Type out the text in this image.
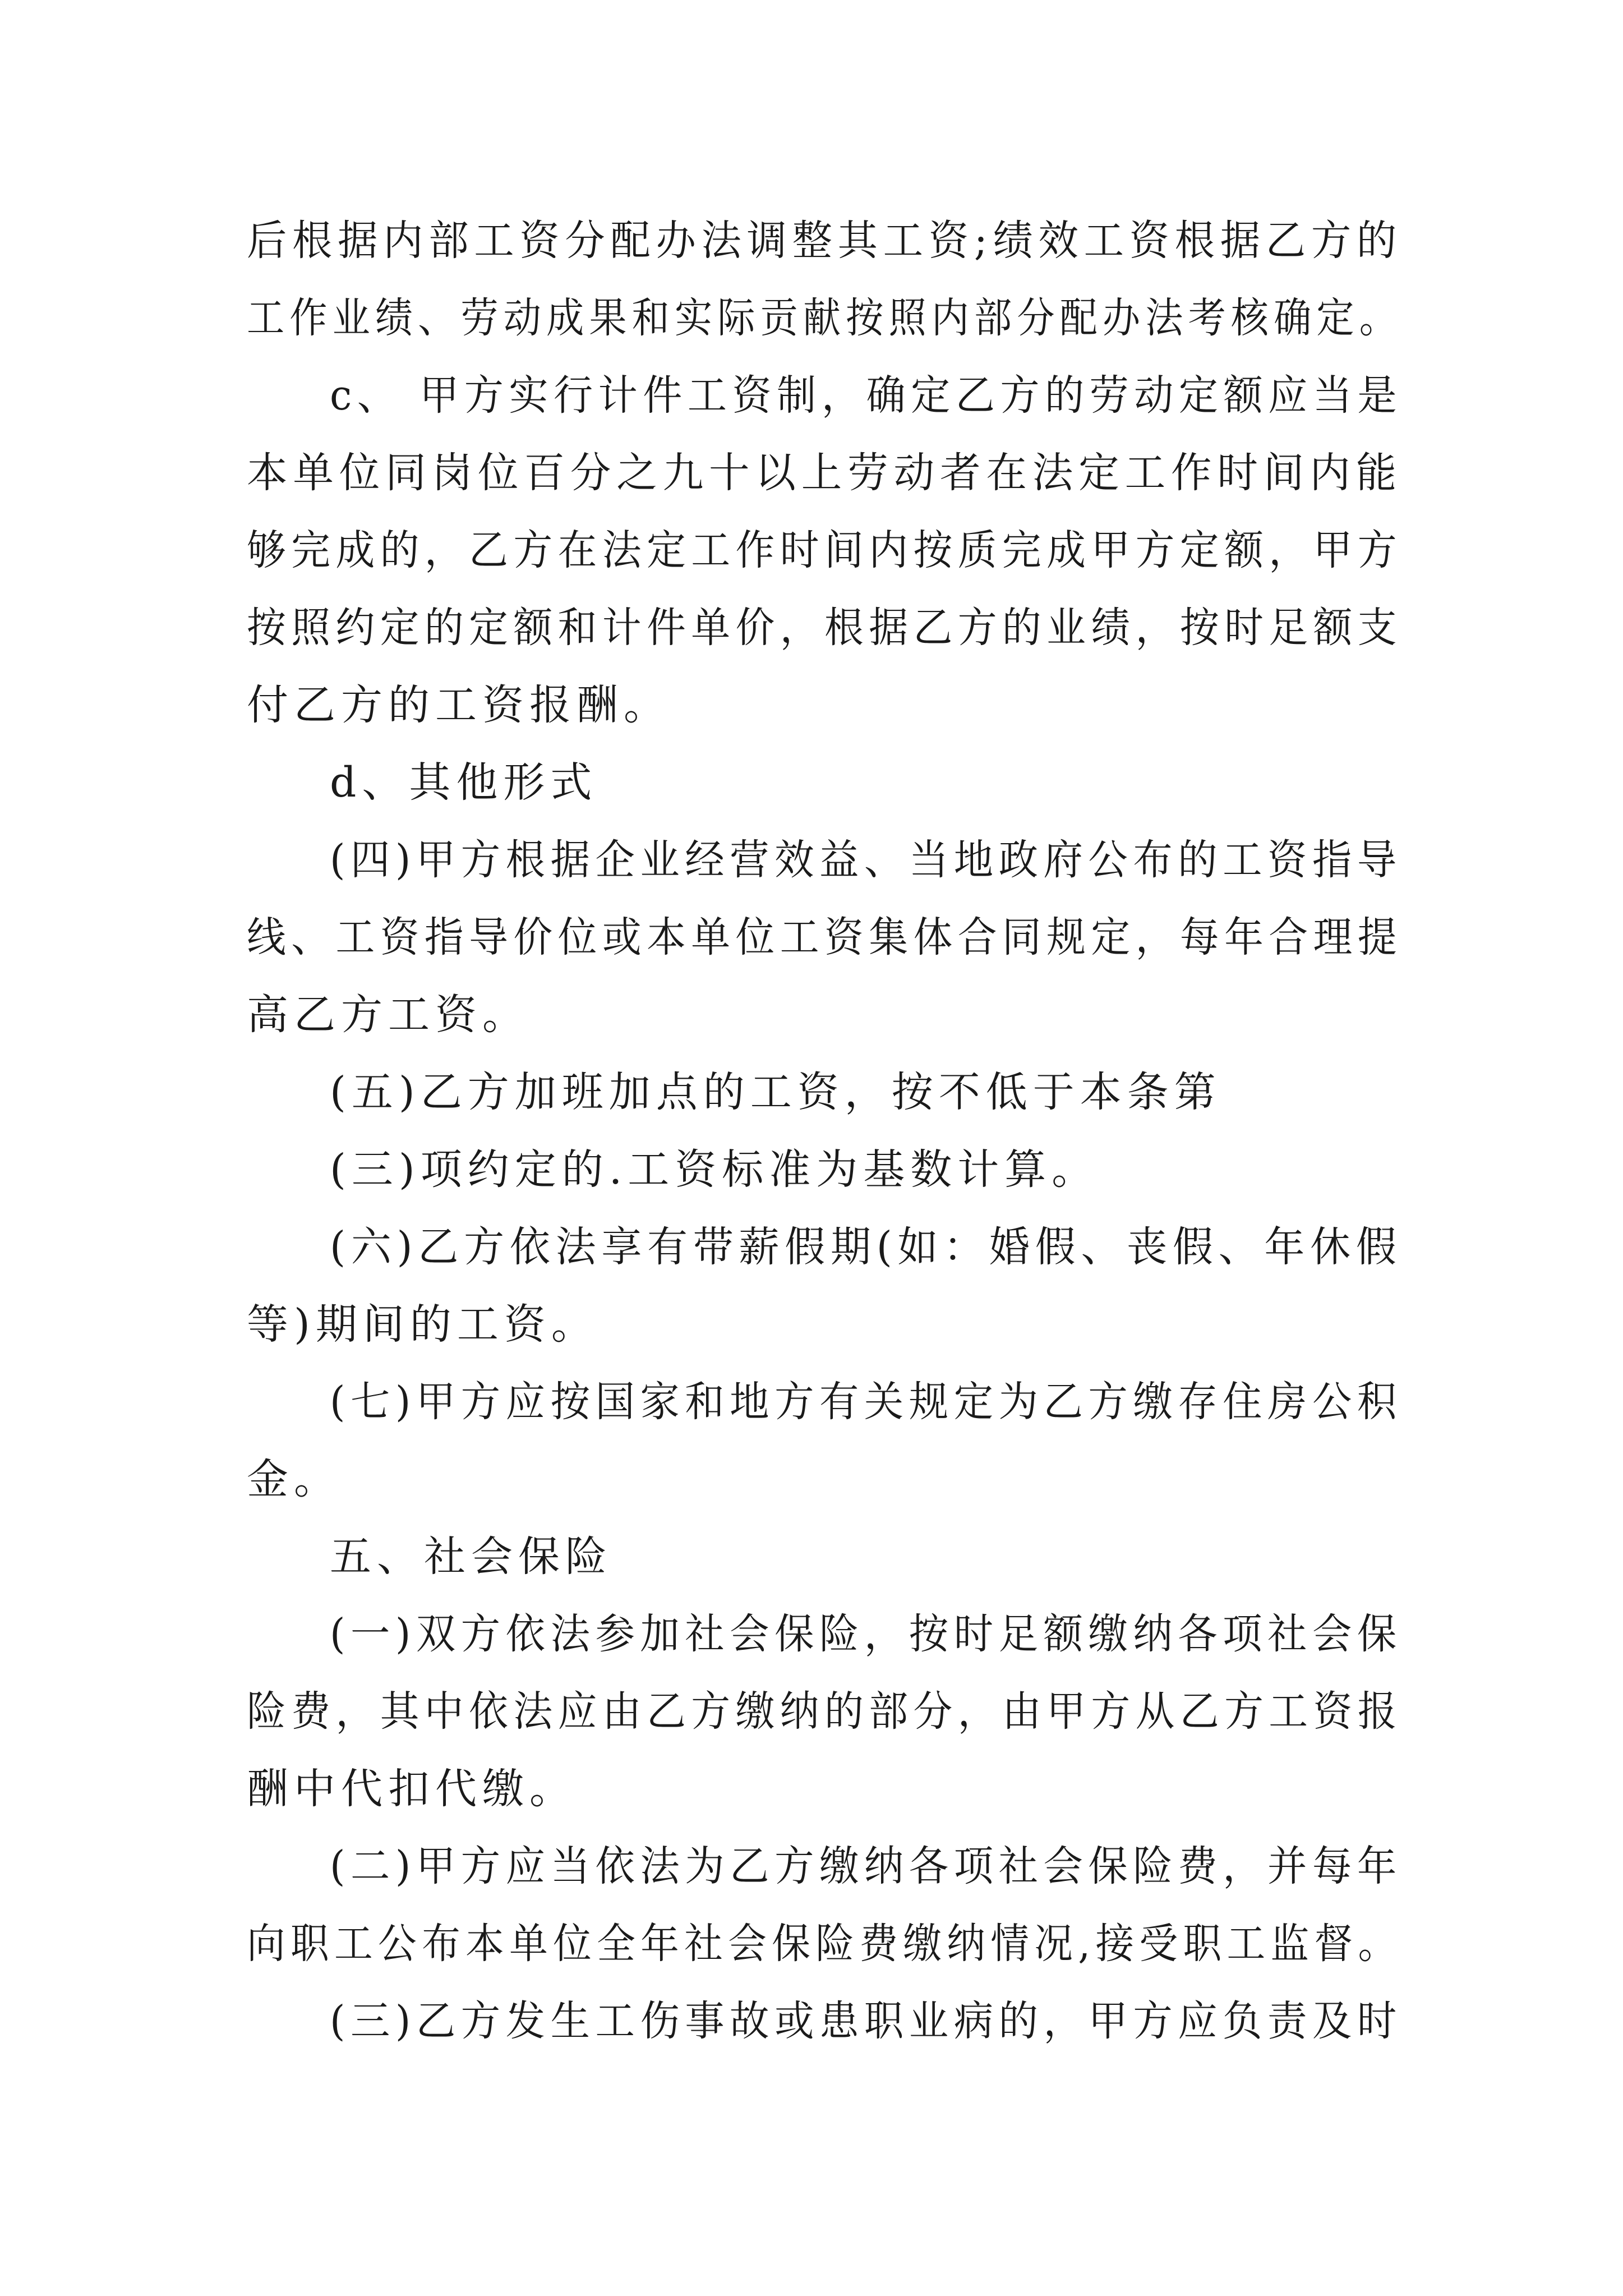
后根据内部工资分配办法调整其工资;绩效工资根据乙方的
工作业绩、劳动成果和实际贡献按照内部分配办法考核确定。
c、 甲方实行计件工资制，确定乙方的劳动定额应当是
本单位同岗位百分之九十以上劳动者在法定工作时间内能
够完成的，乙方在法定工作时间内按质完成甲方定额，甲方
按照约定的定额和计件单价，根据乙方的业绩，按时足额支
付乙方的工资报酬。
d、其他形式
(四)甲方根据企业经营效益、当地政府公布的工资指导
线、工资指导价位或本单位工资集体合同规定，每年合理提
高乙方工资。
(五)乙方加班加点的工资，按不低于本条第
(三)项约定的.工资标准为基数计算。
(六)乙方依法享有带薪假期(如：婚假、丧假、年休假
等)期间的工资。
(七)甲方应按国家和地方有关规定为乙方缴存住房公积
金。
五、社会保险
(一)双方依法参加社会保险，按时足额缴纳各项社会保
险费，其中依法应由乙方缴纳的部分，由甲方从乙方工资报
酬中代扣代缴。
(二)甲方应当依法为乙方缴纳各项社会保险费，并每年
向职工公布本单位全年社会保险费缴纳情况,接受职工监督。
(三)乙方发生工伤事故或患职业病的，甲方应负责及时
